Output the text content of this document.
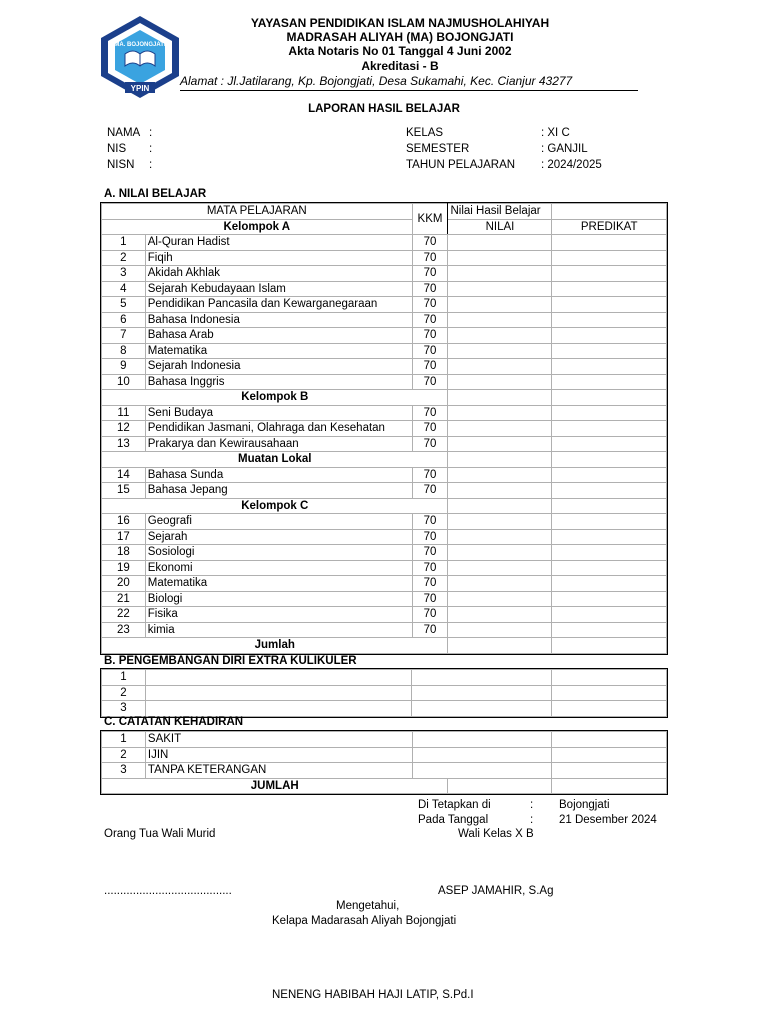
MA. BOJONGJATI
YPIN
YAYASAN PENDIDIKAN ISLAM NAJMUSHOLAHIYAH
MADRASAH ALIYAH (MA) BOJONGJATI
Akta Notaris No 01 Tanggal 4 Juni 2002
Akreditasi - B
Alamat : Jl.Jatilarang, Kp. Bojongjati, Desa Sukamahi, Kec. Cianjur 43277
LAPORAN HASIL BELAJAR
NAMA :
NIS :
NISN :
KELAS	: XI C
SEMESTER	: GANJIL
TAHUN PELAJARAN : 2024/2025
A. NILAI BELAJAR
MATA PELAJARAN		KKM	Nilai Hasil Belajar	
Kelompok A			NILAI	PREDIKAT
1	Al-Quran Hadist	70		
2	Fiqih	70		
3	Akidah Akhlak	70		
4	Sejarah Kebudayaan Islam	70		
5	Pendidikan Pancasila dan Kewarganegaraan	70		
6	Bahasa Indonesia	70		
7	Bahasa Arab	70		
8	Matematika	70		
9	Sejarah Indonesia	70		
10	Bahasa Inggris	70		
Kelompok B				
11	Seni Budaya	70		
12	Pendidikan Jasmani, Olahraga dan Kesehatan	70		
13	Prakarya dan Kewirausahaan	70		
Muatan Lokal				
14	Bahasa Sunda	70		
15	Bahasa Jepang	70		
Kelompok C				
16	Geografi	70		
17	Sejarah	70		
18	Sosiologi	70		
19	Ekonomi	70		
20	Matematika	70		
21	Biologi	70		
22	Fisika	70		
23	kimia	70		
Jumlah				
B. PENGEMBANGAN DIRI EXTRA KULIKULER
1			
2			
3			
C. CATATAN KEHADIRAN
1	SAKIT			
2	IJIN			
3	TANPA KETERANGAN			
JUMLAH				
Di Tetapkan di	: Bojongjati
Pada Tanggal	: 21 Desember 2024
Orang Tua Wali Murid	Wali Kelas X B
........................................	ASEP JAMAHIR, S.Ag
Mengetahui,
Kelapa Madarasah Aliyah Bojongjati
NENENG HABIBAH HAJI LATIP, S.Pd.I
